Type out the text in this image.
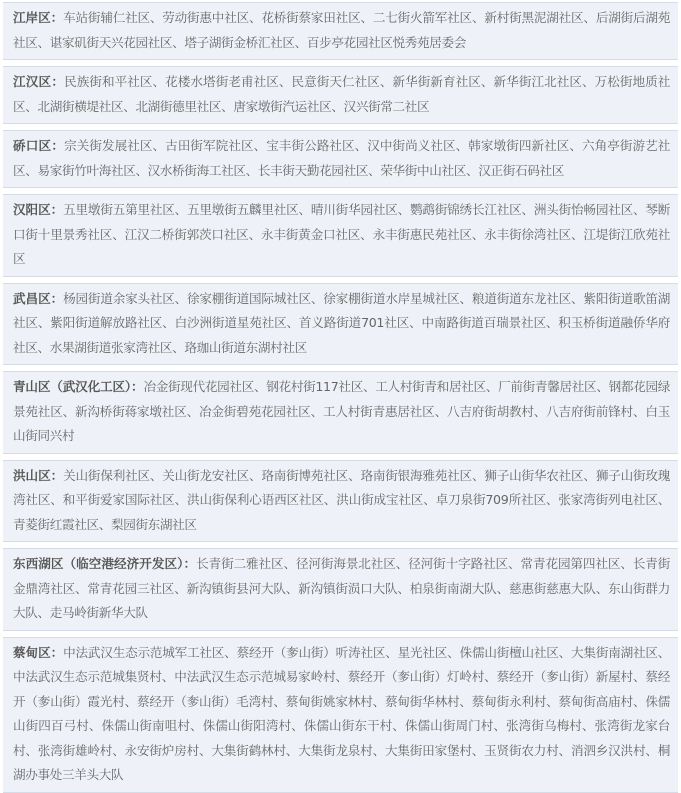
江岸区：车站街辅仁社区、劳动街惠中社区、花桥街蔡家田社区、二七街火箭军社区、新村街黑泥湖社区、后湖街后湖苑社区、谌家矶街天兴花园社区、塔子湖街金桥汇社区、百步亭花园社区悦秀苑居委会
江汉区：民族街和平社区、花楼水塔街老甫社区、民意街天仁社区、新华街新育社区、新华街江北社区、万松街地质社区、北湖街横堤社区、北湖街德里社区、唐家墩街汽运社区、汉兴街常二社区
硚口区：宗关街发展社区、古田街军院社区、宝丰街公路社区、汉中街尚义社区、韩家墩街四新社区、六角亭街游艺社区、易家街竹叶海社区、汉水桥街海工社区、长丰街天勤花园社区、荣华街中山社区、汉正街石码社区
汉阳区：五里墩街五第里社区、五里墩街五麟里社区、晴川街华园社区、鹦鹉街锦绣长江社区、洲头街怡畅园社区、琴断口街十里景秀社区、江汉二桥街郭茨口社区、永丰街黄金口社区、永丰街惠民苑社区、永丰街徐湾社区、江堤街江欣苑社区
武昌区：杨园街道余家头社区、徐家棚街道国际城社区、徐家棚街道水岸星城社区、粮道街道东龙社区、紫阳街道歌笛湖社区、紫阳街道解放路社区、白沙洲街道星苑社区、首义路街道701社区、中南路街道百瑞景社区、积玉桥街道融侨华府社区、水果湖街道张家湾社区、珞珈山街道东湖村社区
青山区（武汉化工区）：冶金街现代花园社区、钢花村街117社区、工人村街青和居社区、厂前街青馨居社区、钢都花园绿景苑社区、新沟桥街蒋家墩社区、冶金街碧苑花园社区、工人村街青惠居社区、八吉府街胡教村、八吉府街前锋村、白玉山街同兴村
洪山区：关山街保利社区、关山街龙安社区、珞南街博苑社区、珞南街银海雅苑社区、狮子山街华农社区、狮子山街玫瑰湾社区、和平街爱家国际社区、洪山街保利心语西区社区、洪山街成宝社区、卓刀泉街709所社区、张家湾街列电社区、青菱街红霞社区、梨园街东湖社区
东西湖区（临空港经济开发区）：长青街二雅社区、径河街海景北社区、径河街十字路社区、常青花园第四社区、长青街金鼎湾社区、常青花园三社区、新沟镇街县河大队、新沟镇街涢口大队、柏泉街南湖大队、慈惠街慈惠大队、东山街群力大队、走马岭街新华大队
蔡甸区：中法武汉生态示范城军工社区、蔡经开（奓山街）听涛社区、星光社区、侏儒山街檀山社区、大集街南湖社区、中法武汉生态示范城集贤村、中法武汉生态示范城易家岭村、蔡经开（奓山街）灯岭村、蔡经开（奓山街）新屋村、蔡经开（奓山街）霞光村、蔡经开（奓山街）毛湾村、蔡甸街姚家林村、蔡甸街华林村、蔡甸街永利村、蔡甸街高庙村、侏儒山街四百弓村、侏儒山街南咀村、侏儒山街阳湾村、侏儒山街东干村、侏儒山街周门村、张湾街乌梅村、张湾街龙家台村、张湾街雄岭村、永安街炉房村、大集街鹤林村、大集街龙泉村、大集街田家堡村、玉贤街农力村、消泗乡汉洪村、桐湖办事处三羊头大队
